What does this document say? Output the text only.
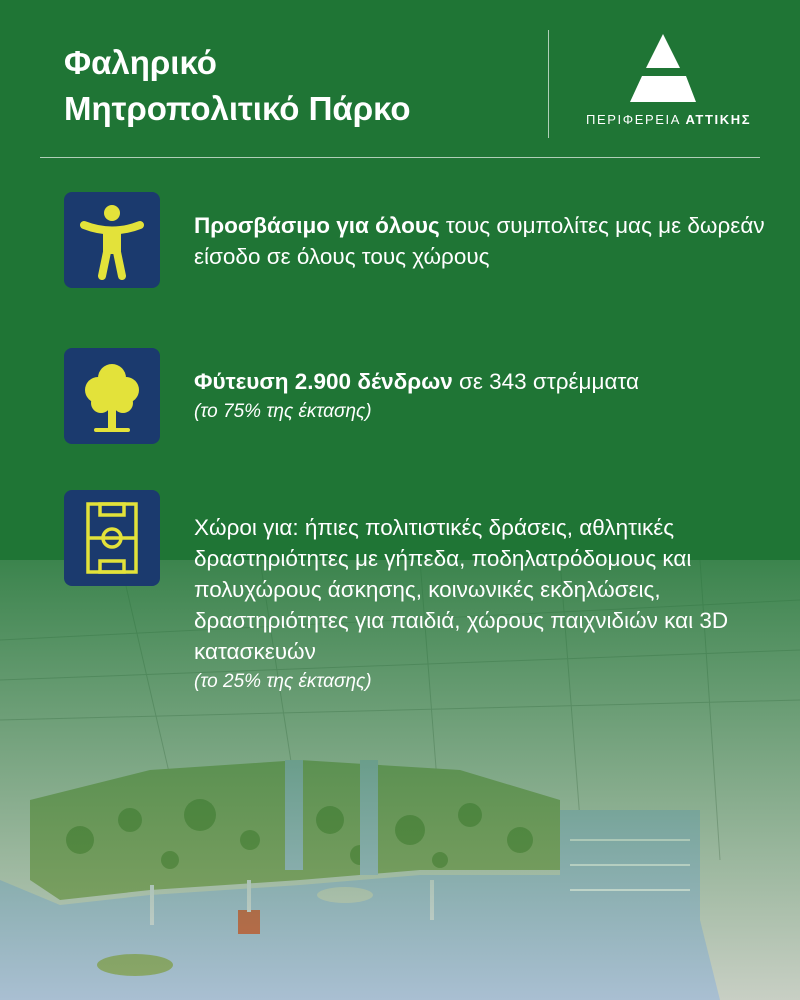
Φαληρικό
Μητροπολιτικό Πάρκο	ΠΕΡΙΦΕΡΕΙΑ ΑΤΤΙΚΗΣ
Προσβάσιμο για όλους τους συμπολίτες μας με δωρεάν είσοδο σε όλους τους χώρους
Φύτευση 2.900 δένδρων σε 343 στρέμματα
(το 75% της έκτασης)
Χώροι για: ήπιες πολιτιστικές δράσεις, αθλητικές δραστηριότητες με γήπεδα, ποδηλατρόδομους και πολυχώρους άσκησης, κοινωνικές εκδηλώσεις, δραστηριότητες για παιδιά, χώρους παιχνιδιών και 3D κατασκευών
(το 25% της έκτασης)
